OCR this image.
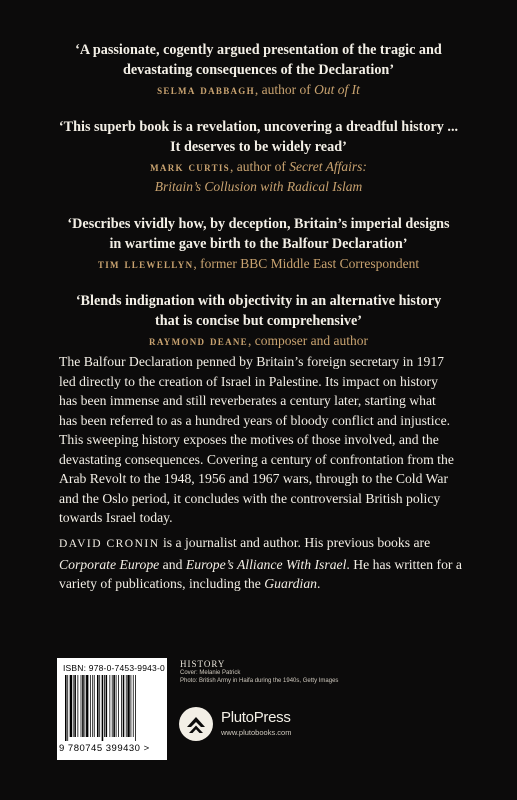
‘A passionate, cogently argued presentation of the tragic and
devastating consequences of the Declaration’
selma dabbagh, author of Out of It
‘This superb book is a revelation, uncovering a dreadful history ...
It deserves to be widely read’
mark curtis, author of Secret Affairs:
Britain’s Collusion with Radical Islam
‘Describes vividly how, by deception, Britain’s imperial designs
in wartime gave birth to the Balfour Declaration’
tim llewellyn, former BBC Middle East Correspondent
‘Blends indignation with objectivity in an alternative history
that is concise but comprehensive’
raymond deane, composer and author
The Balfour Declaration penned by Britain’s foreign secretary in 1917
led directly to the creation of Israel in Palestine. Its impact on history
has been immense and still reverberates a century later, starting what
has been referred to as a hundred years of bloody conflict and injustice.
This sweeping history exposes the motives of those involved, and the
devastating consequences. Covering a century of confrontation from the
Arab Revolt to the 1948, 1956 and 1967 wars, through to the Cold War
and the Oslo period, it concludes with the controversial British policy
towards Israel today.
DAVID CRONIN is a journalist and author. His previous books are
Corporate Europe and Europe’s Alliance With Israel. He has written for a
variety of publications, including the Guardian.
ISBN: 978-0-7453-9943-0
9 780745 399430 >
HISTORY
Cover: Melanie Patrick
Photo: British Army in Haifa during the 1940s, Getty Images
PlutoPress
www.plutobooks.com
